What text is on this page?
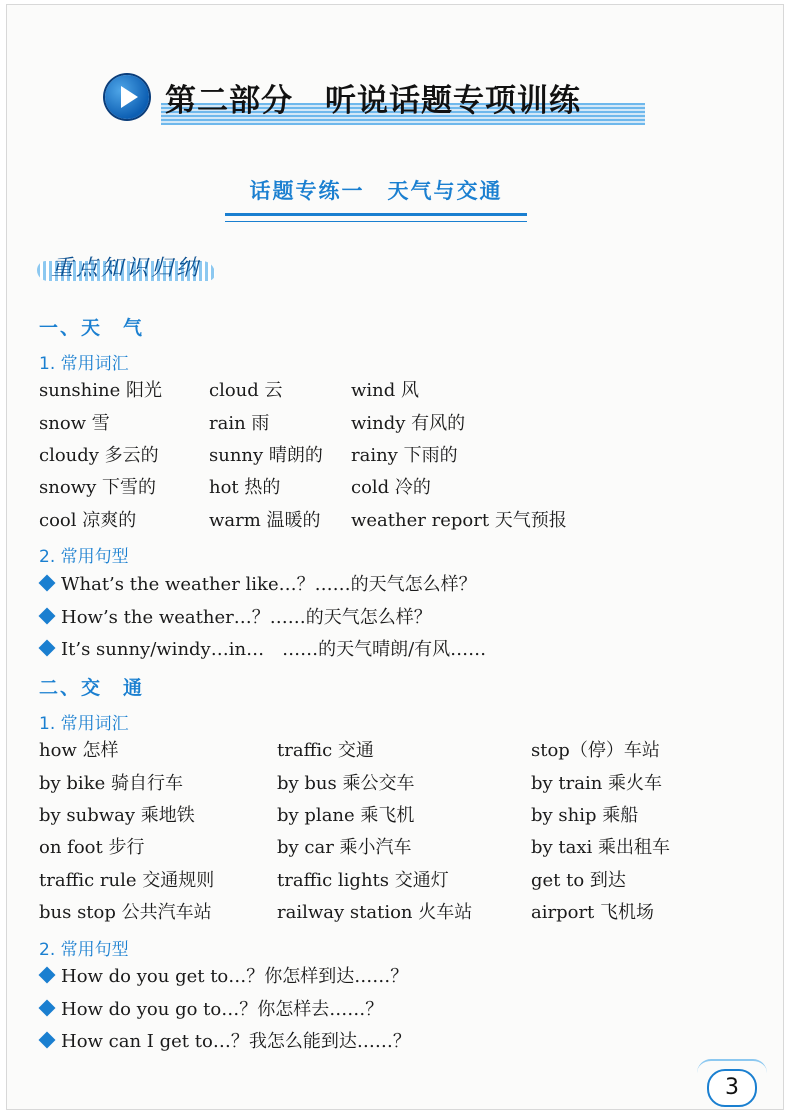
第二部分　听说话题专项训练
话题专练一　天气与交通
重点知识归纳
一、天　气
1. 常用词汇
sunshine 阳光	cloud 云	wind 风
snow 雪	rain 雨	windy 有风的
cloudy 多云的	sunny 晴朗的	rainy 下雨的
snowy 下雪的	hot 热的	cold 冷的
cool 凉爽的	warm 温暖的	weather report 天气预报
2. 常用句型
What’s the weather like…？……的天气怎么样？
How’s the weather…？……的天气怎么样？
It’s sunny/windy…in…　……的天气晴朗/有风……
二、交　通
1. 常用词汇
how 怎样	traffic 交通	stop（停）车站
by bike 骑自行车	by bus 乘公交车	by train 乘火车
by subway 乘地铁	by plane 乘飞机	by ship 乘船
on foot 步行	by car 乘小汽车	by taxi 乘出租车
traffic rule 交通规则	traffic lights 交通灯	get to 到达
bus stop 公共汽车站	railway station 火车站	airport 飞机场
2. 常用句型
How do you get to…？你怎样到达……？
How do you go to…？你怎样去……？
How can I get to…？我怎么能到达……？
3
